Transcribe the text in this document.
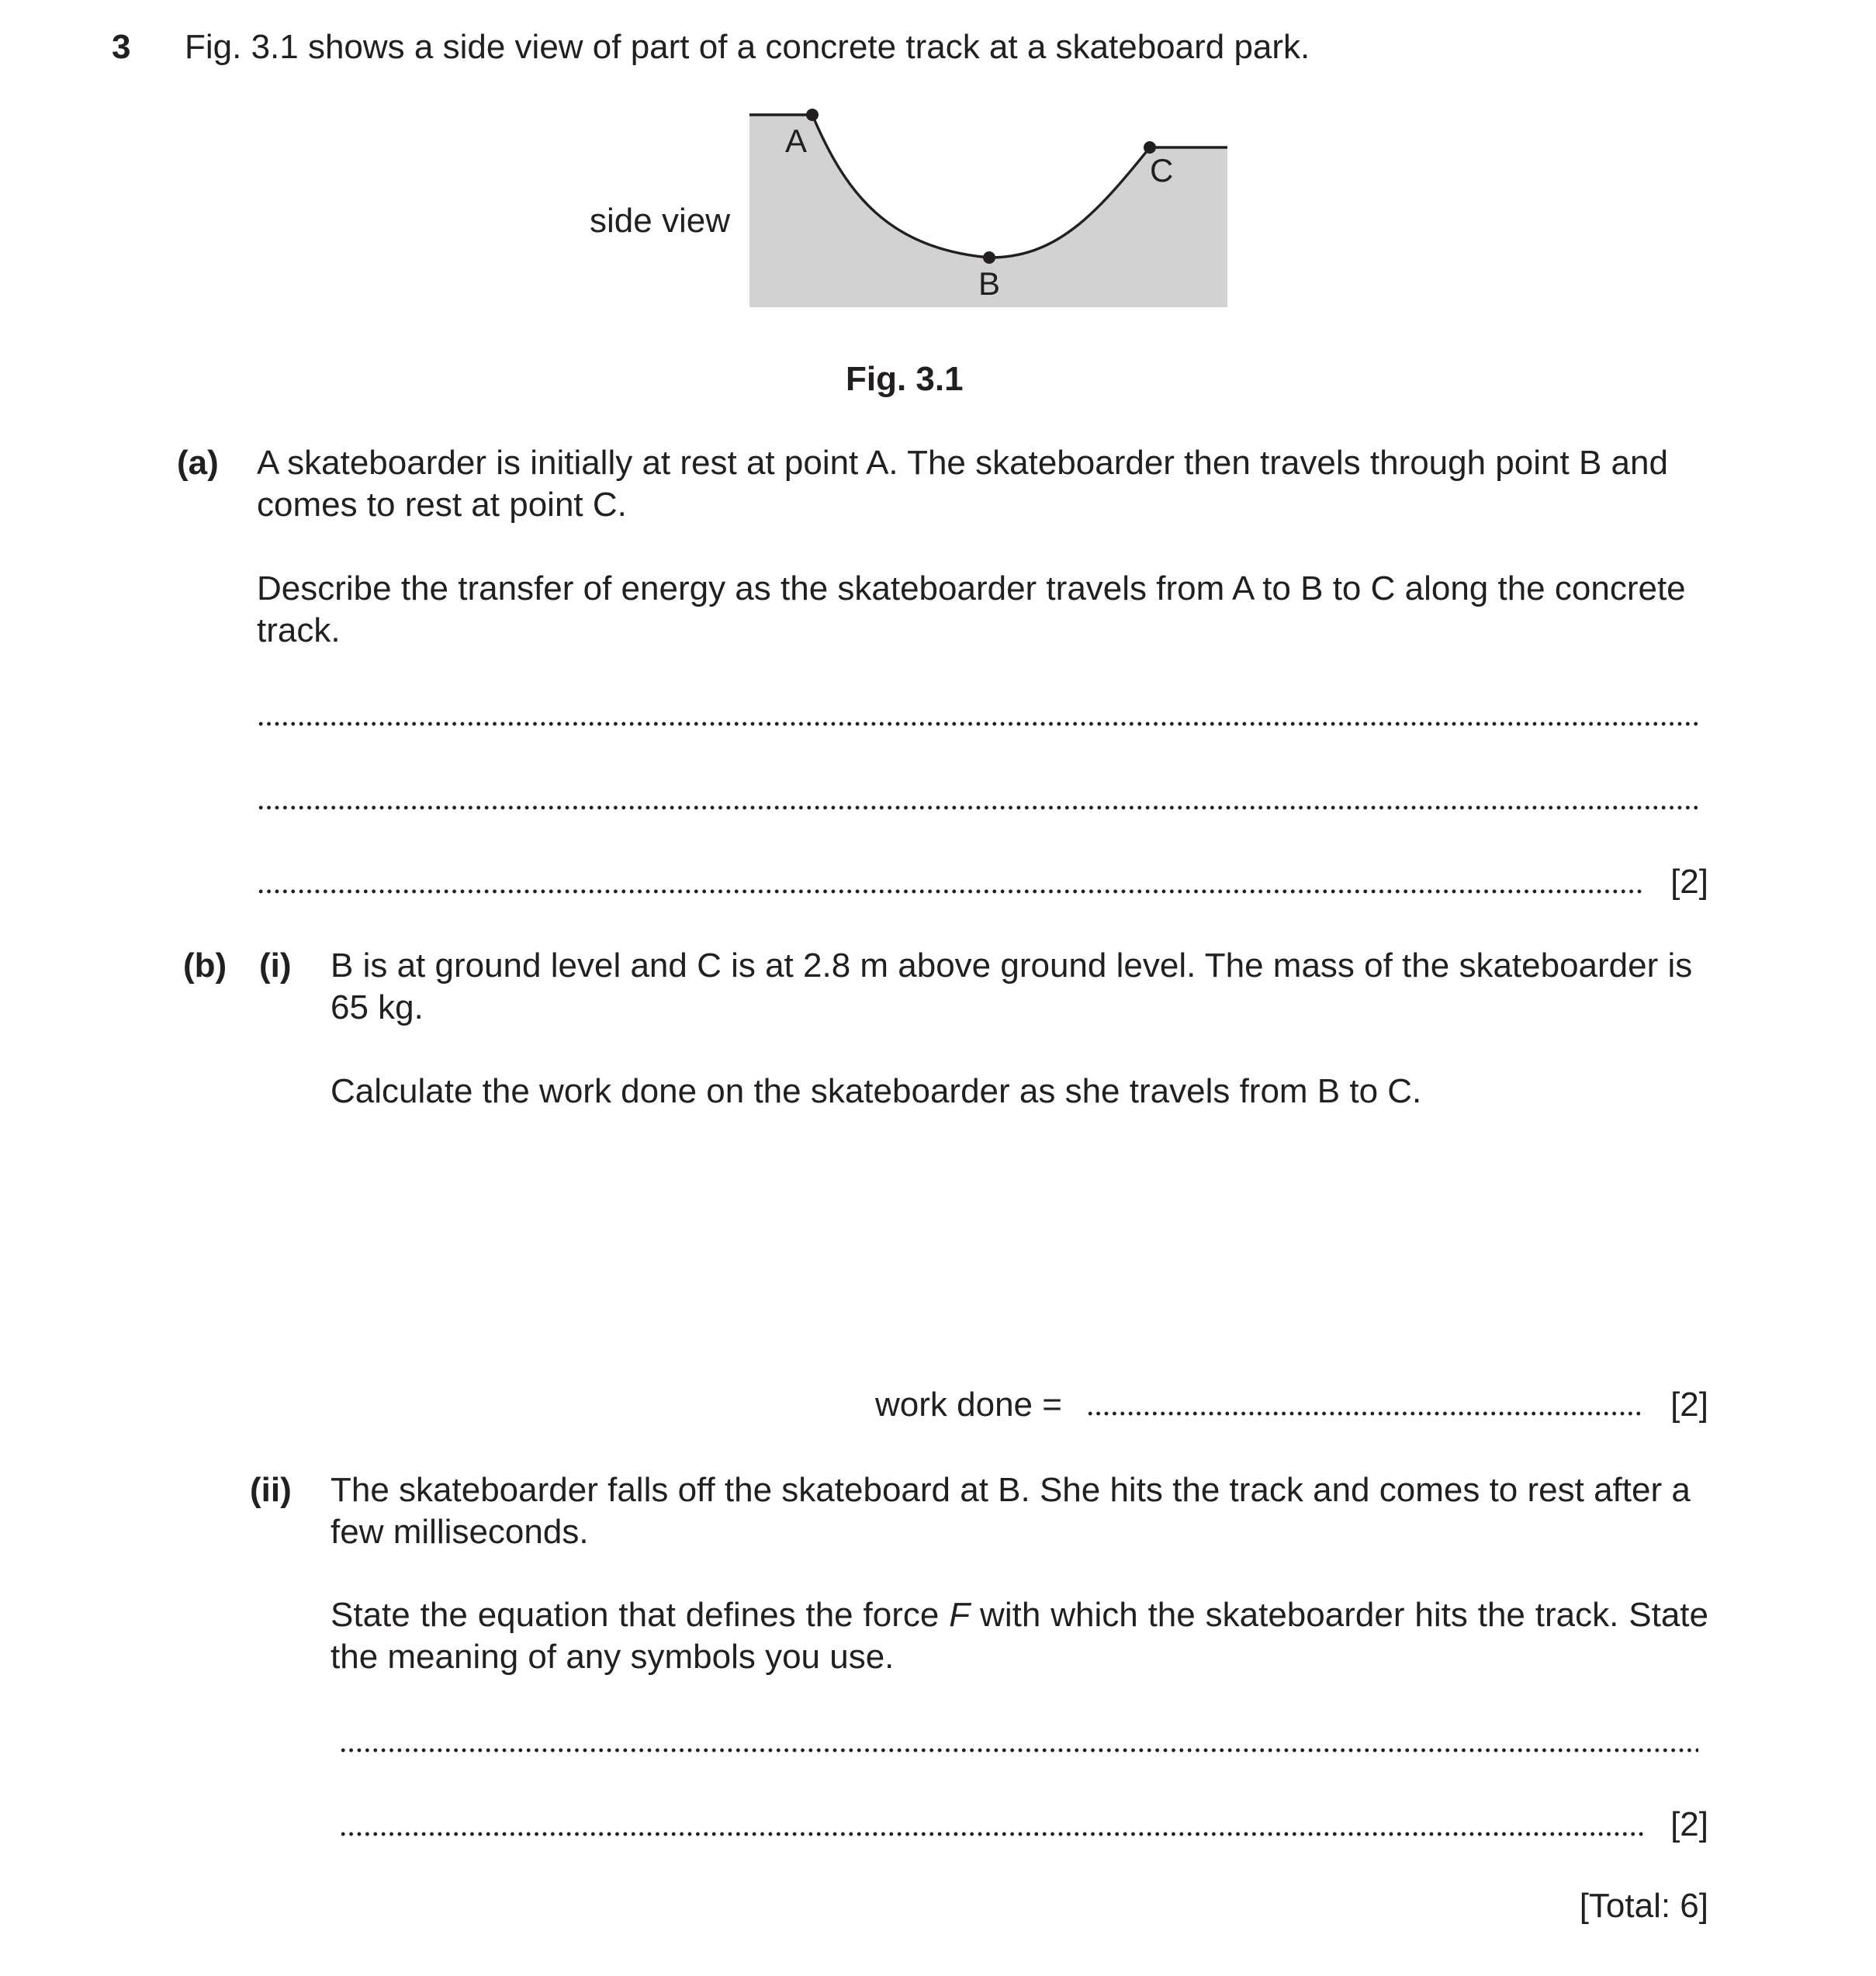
3 Fig. 3.1 shows a side view of part of a concrete track at a skateboard park.
side view
A
B
C
Fig. 3.1
(a) A skateboarder is initially at rest at point A. The skateboarder then travels through point B and comes to rest at point C.
Describe the transfer of energy as the skateboarder travels from A to B to C along the concrete track.
[2]
(b) (i) B is at ground level and C is at 2.8 m above ground level. The mass of the skateboarder is 65 kg.
Calculate the work done on the skateboarder as she travels from B to C.
work done =	[2]
(ii) The skateboarder falls off the skateboard at B. She hits the track and comes to rest after a few milliseconds.
State the equation that defines the force F with which the skateboarder hits the track. State the meaning of any symbols you use.
[2]
[Total: 6]
